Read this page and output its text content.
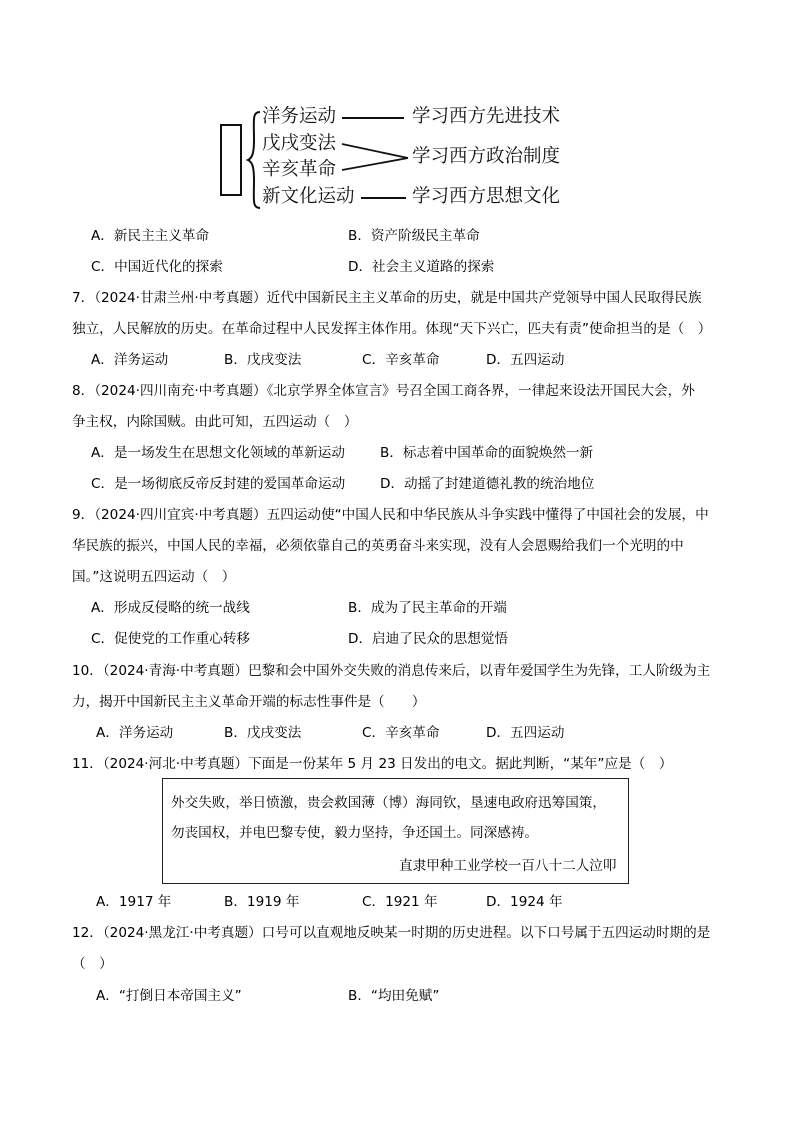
洋务运动
戊戌变法
辛亥革命
新文化运动
学习西方先进技术
学习西方政治制度
学习西方思想文化
A．新民主主义革命	B．资产阶级民主革命
C．中国近代化的探索	D．社会主义道路的探索
7．（2024·甘肃兰州·中考真题）近代中国新民主主义革命的历史，就是中国共产党领导中国人民取得民族
独立，人民解放的历史。在革命过程中人民发挥主体作用。体现“天下兴亡，匹夫有责”使命担当的是（　）
A．洋务运动	B．戊戌变法	C．辛亥革命	D．五四运动
8．（2024·四川南充·中考真题）《北京学界全体宣言》号召全国工商各界，一律起来设法开国民大会，外
争主权，内除国贼。由此可知，五四运动（　）
A．是一场发生在思想文化领域的革新运动	B．标志着中国革命的面貌焕然一新
C．是一场彻底反帝反封建的爱国革命运动	D．动摇了封建道德礼教的统治地位
9．（2024·四川宜宾·中考真题）五四运动使“中国人民和中华民族从斗争实践中懂得了中国社会的发展，中
华民族的振兴，中国人民的幸福，必须依靠自己的英勇奋斗来实现，没有人会恩赐给我们一个光明的中
国。”这说明五四运动（　）
A．形成反侵略的统一战线	B．成为了民主革命的开端
C．促使党的工作重心转移	D．启迪了民众的思想觉悟
10．（2024·青海·中考真题）巴黎和会中国外交失败的消息传来后，以青年爱国学生为先锋，工人阶级为主
力，揭开中国新民主主义革命开端的标志性事件是（　　）
A．洋务运动	B．戊戌变法	C．辛亥革命	D．五四运动
11．（2024·河北·中考真题）下面是一份某年 5 月 23 日发出的电文。据此判断，“某年”应是（　）
外交失败，举日愤激，贵会救国薄（博）海同钦，垦速电政府迅筹国策，
勿丧国权，并电巴黎专使，毅力坚持，争还国土。同深感祷。
直隶甲种工业学校一百八十二人泣叩
A．1917 年	B．1919 年	C．1921 年	D．1924 年
12．（2024·黑龙江·中考真题）口号可以直观地反映某一时期的历史进程。以下口号属于五四运动时期的是
（　）
A．“打倒日本帝国主义”	B．“均田免赋”
